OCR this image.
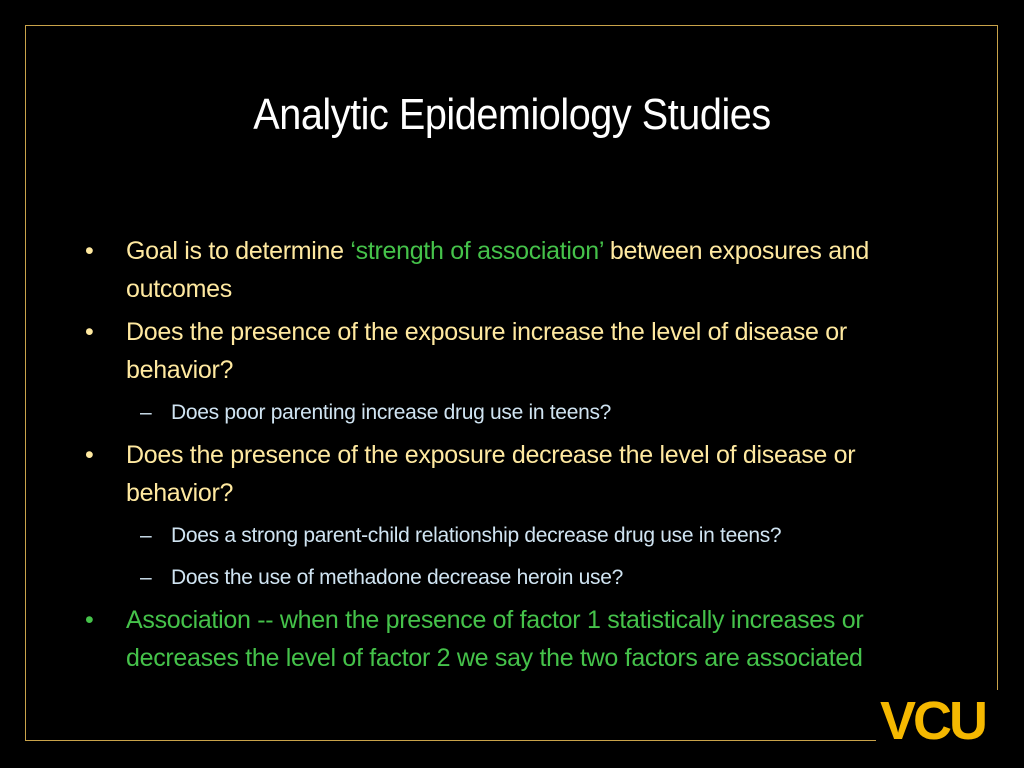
Analytic Epidemiology Studies
• Goal is to determine ‘strength of association’ between exposures and outcomes
• Does the presence of the exposure increase the level of disease or behavior?
– Does poor parenting increase drug use in teens?
• Does the presence of the exposure decrease the level of disease or behavior?
– Does a strong parent-child relationship decrease drug use in teens?
– Does the use of methadone decrease heroin use?
• Association -- when the presence of factor 1 statistically increases or decreases the level of factor 2 we say the two factors are associated
VCU
